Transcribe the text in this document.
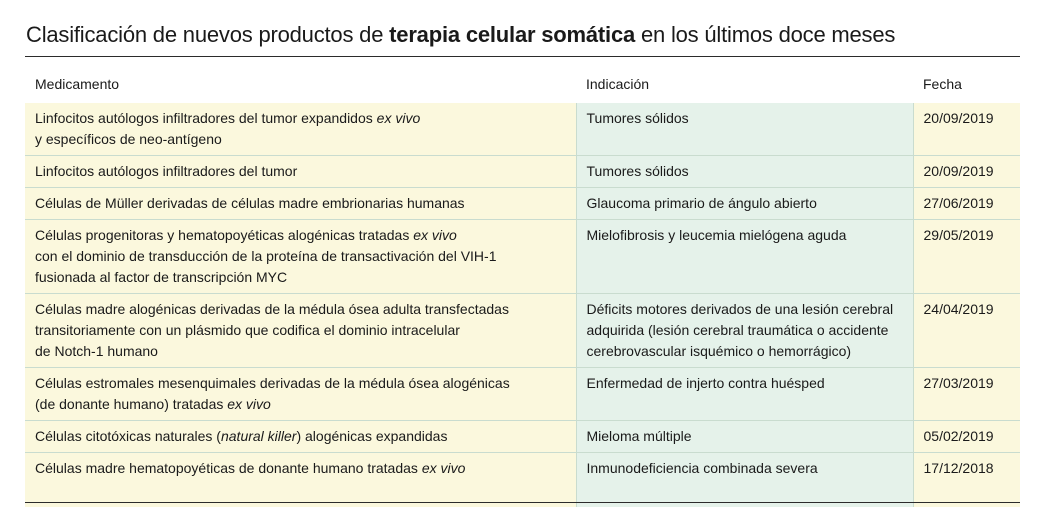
Clasificación de nuevos productos de terapia celular somática en los últimos doce meses
Medicamento	Indicación	Fecha

Linfocitos autólogos infiltradores del tumor expandidos ex vivo
y específicos de neo-antígeno	Tumores sólidos	20/09/2019

Linfocitos autólogos infiltradores del tumor	Tumores sólidos	20/09/2019

Células de Müller derivadas de células madre embrionarias humanas	Glaucoma primario de ángulo abierto	27/06/2019

Células progenitoras y hematopoyéticas alogénicas tratadas ex vivo
con el dominio de transducción de la proteína de transactivación del VIH-1
fusionada al factor de transcripción MYC	Mielofibrosis y leucemia mielógena aguda	29/05/2019

Células madre alogénicas derivadas de la médula ósea adulta transfectadas
transitoriamente con un plásmido que codifica el dominio intracelular
de Notch-1 humano	Déficits motores derivados de una lesión cerebral
adquirida (lesión cerebral traumática o accidente
cerebrovascular isquémico o hemorrágico)	24/04/2019

Células estromales mesenquimales derivadas de la médula ósea alogénicas
(de donante humano) tratadas ex vivo	Enfermedad de injerto contra huésped	27/03/2019

Células citotóxicas naturales (natural killer) alogénicas expandidas	Mieloma múltiple	05/02/2019

Células madre hematopoyéticas de donante humano tratadas ex vivo	Inmunodeficiencia combinada severa	17/12/2018
